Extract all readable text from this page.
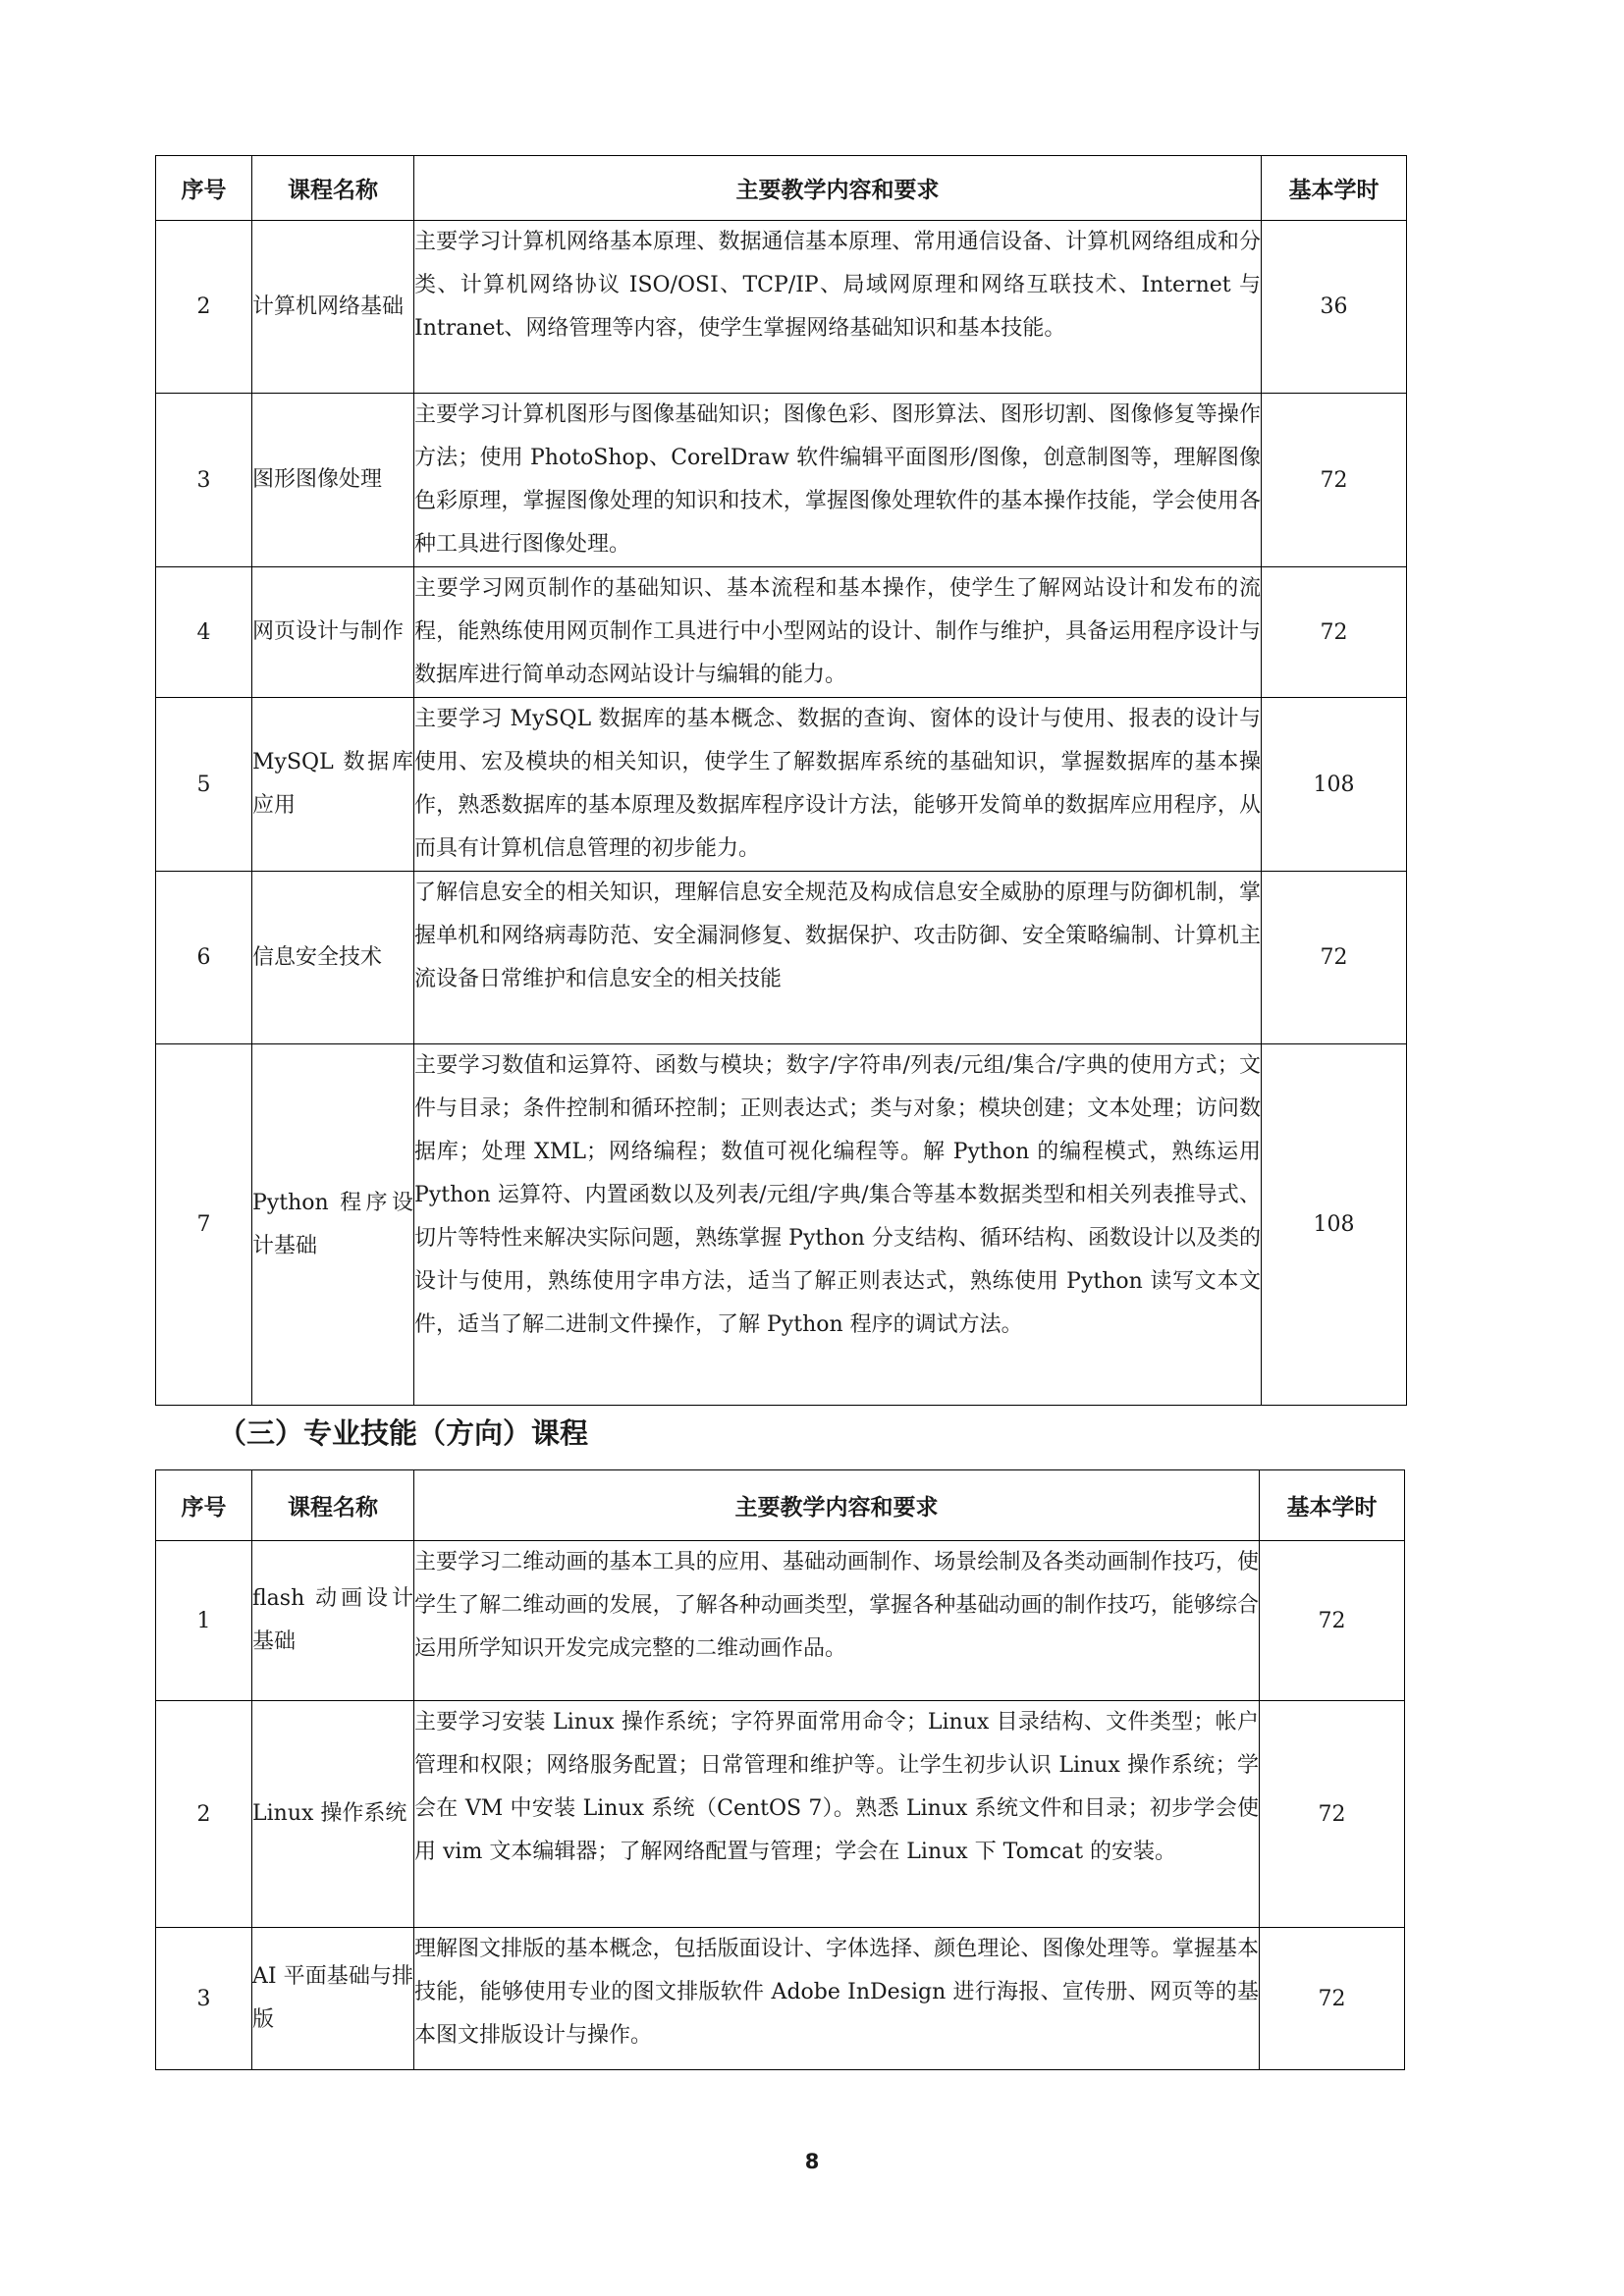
序号	课程名称	主要教学内容和要求	基本学时
2	计算机网络基础	主要学习计算机网络基本原理、数据通信基本原理、常用通信设备、计算机网络组成和分类、计算机网络协议 ISO/OSI、TCP/IP、局域网原理和网络互联技术、Internet 与 Intranet、网络管理等内容，使学生掌握网络基础知识和基本技能。	36
3	图形图像处理	主要学习计算机图形与图像基础知识；图像色彩、图形算法、图形切割、图像修复等操作方法；使用 PhotoShop、CorelDraw 软件编辑平面图形/图像，创意制图等，理解图像色彩原理，掌握图像处理的知识和技术，掌握图像处理软件的基本操作技能，学会使用各种工具进行图像处理。	72
4	网页设计与制作	主要学习网页制作的基础知识、基本流程和基本操作，使学生了解网站设计和发布的流程，能熟练使用网页制作工具进行中小型网站的设计、制作与维护，具备运用程序设计与数据库进行简单动态网站设计与编辑的能力。	72
5	MySQL 数据库应用	主要学习 MySQL 数据库的基本概念、数据的查询、窗体的设计与使用、报表的设计与使用、宏及模块的相关知识，使学生了解数据库系统的基础知识，掌握数据库的基本操作，熟悉数据库的基本原理及数据库程序设计方法，能够开发简单的数据库应用程序，从而具有计算机信息管理的初步能力。	108
6	信息安全技术	了解信息安全的相关知识，理解信息安全规范及构成信息安全威胁的原理与防御机制，掌握单机和网络病毒防范、安全漏洞修复、数据保护、攻击防御、安全策略编制、计算机主流设备日常维护和信息安全的相关技能	72
7	Python 程序设计基础	主要学习数值和运算符、函数与模块；数字/字符串/列表/元组/集合/字典的使用方式；文件与目录；条件控制和循环控制；正则表达式；类与对象；模块创建；文本处理；访问数据库；处理 XML；网络编程；数值可视化编程等。解 Python 的编程模式，熟练运用 Python 运算符、内置函数以及列表/元组/字典/集合等基本数据类型和相关列表推导式、切片等特性来解决实际问题，熟练掌握 Python 分支结构、循环结构、函数设计以及类的设计与使用，熟练使用字串方法，适当了解正则表达式，熟练使用 Python 读写文本文件，适当了解二进制文件操作，了解 Python 程序的调试方法。	108
（三）专业技能（方向）课程
序号	课程名称	主要教学内容和要求	基本学时
1	flash 动画设计基础	主要学习二维动画的基本工具的应用、基础动画制作、场景绘制及各类动画制作技巧，使学生了解二维动画的发展，了解各种动画类型，掌握各种基础动画的制作技巧，能够综合运用所学知识开发完成完整的二维动画作品。	72
2	Linux 操作系统	主要学习安装 Linux 操作系统；字符界面常用命令；Linux 目录结构、文件类型；帐户管理和权限；网络服务配置；日常管理和维护等。让学生初步认识 Linux 操作系统；学会在 VM 中安装 Linux 系统（CentOS 7）。熟悉 Linux 系统文件和目录；初步学会使用 vim 文本编辑器；了解网络配置与管理；学会在 Linux 下 Tomcat 的安装。	72
3	AI 平面基础与排版	理解图文排版的基本概念，包括版面设计、字体选择、颜色理论、图像处理等。掌握基本技能，能够使用专业的图文排版软件 Adobe InDesign 进行海报、宣传册、网页等的基本图文排版设计与操作。	72
8
